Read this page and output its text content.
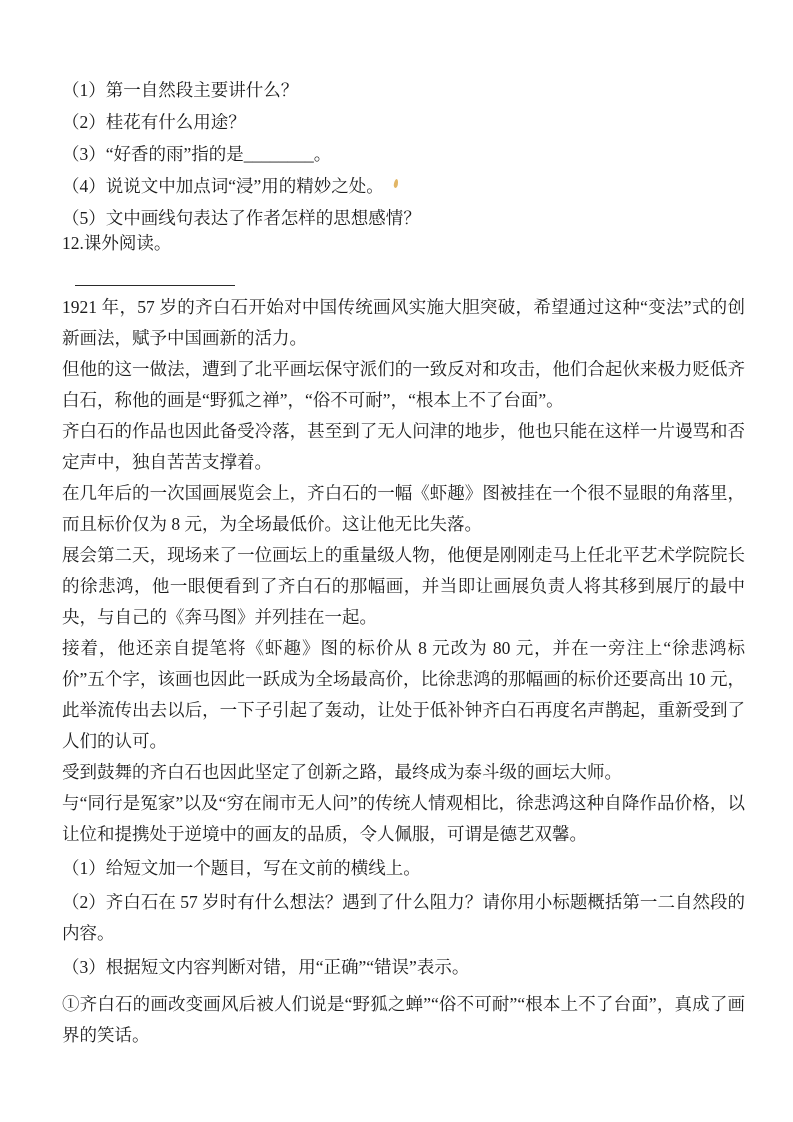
（1）第一自然段主要讲什么？
（2）桂花有什么用途？
（3）“好香的雨”指的是________。
（4）说说文中加点词“浸”用的精妙之处。
（5）文中画线句表达了作者怎样的思想感情？
12.课外阅读。

1921 年，57 岁的齐白石开始对中国传统画风实施大胆突破，希望通过这种“变法”式的创新画法，赋予中国画新的活力。

但他的这一做法，遭到了北平画坛保守派们的一致反对和攻击，他们合起伙来极力贬低齐白石，称他的画是“野狐之禅”，“俗不可耐”，“根本上不了台面”。

齐白石的作品也因此备受冷落，甚至到了无人问津的地步，他也只能在这样一片谩骂和否定声中，独自苦苦支撑着。

在几年后的一次国画展览会上，齐白石的一幅《虾趣》图被挂在一个很不显眼的角落里，而且标价仅为 8 元，为全场最低价。这让他无比失落。

展会第二天，现场来了一位画坛上的重量级人物，他便是刚刚走马上任北平艺术学院院长的徐悲鸿，他一眼便看到了齐白石的那幅画，并当即让画展负责人将其移到展厅的最中央，与自己的《奔马图》并列挂在一起。

接着，他还亲自提笔将《虾趣》图的标价从 8 元改为 80 元，并在一旁注上“徐悲鸿标价”五个字，该画也因此一跃成为全场最高价，比徐悲鸿的那幅画的标价还要高出 10 元，此举流传出去以后，一下子引起了轰动，让处于低补钟齐白石再度名声鹊起，重新受到了人们的认可。

受到鼓舞的齐白石也因此坚定了创新之路，最终成为泰斗级的画坛大师。

与“同行是冤家”以及“穷在闹市无人问”的传统人情观相比，徐悲鸿这种自降作品价格，以让位和提携处于逆境中的画友的品质，令人佩服，可谓是德艺双馨。

（1）给短文加一个题目，写在文前的横线上。
（2）齐白石在 57 岁时有什么想法？遇到了什么阻力？请你用小标题概括第一二自然段的内容。
（3）根据短文内容判断对错，用“正确”“错误”表示。

①齐白石的画改变画风后被人们说是“野狐之蝉”“俗不可耐”“根本上不了台面”，真成了画界的笑话。
